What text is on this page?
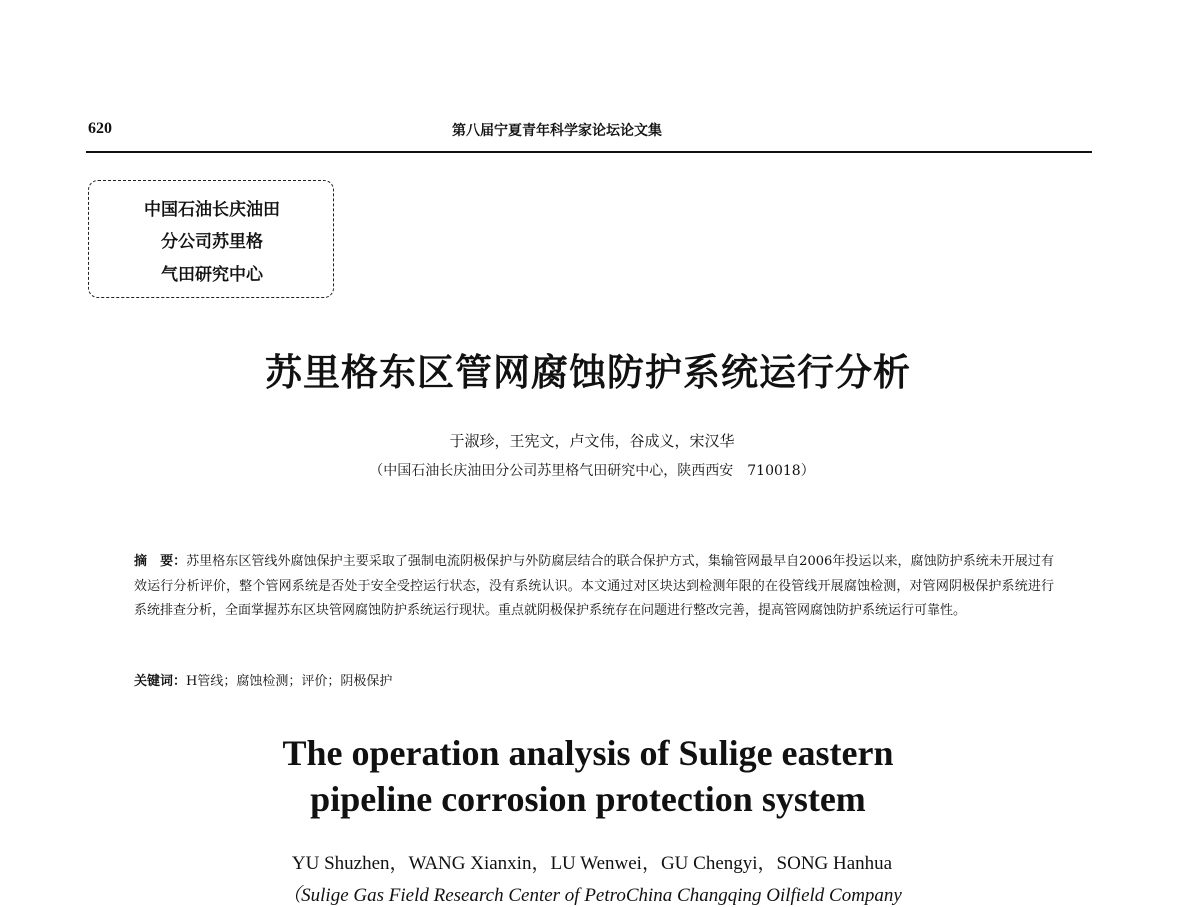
620	第八届宁夏青年科学家论坛论文集
中国石油长庆油田
分公司苏里格
气田研究中心
苏里格东区管网腐蚀防护系统运行分析
于淑珍，王宪文，卢文伟，谷成义，宋汉华
（中国石油长庆油田分公司苏里格气田研究中心，陕西西安　710018）
摘　要：苏里格东区管线外腐蚀保护主要采取了强制电流阴极保护与外防腐层结合的联合保护方式，集输管网最早自2006年投运以来，腐蚀防护系统未开展过有效运行分析评价，整个管网系统是否处于安全受控运行状态，没有系统认识。本文通过对区块达到检测年限的在役管线开展腐蚀检测，对管网阴极保护系统进行系统排查分析，全面掌握苏东区块管网腐蚀防护系统运行现状。重点就阴极保护系统存在问题进行整改完善，提高管网腐蚀防护系统运行可靠性。
关键词：H管线；腐蚀检测；评价；阴极保护
The operation analysis of Sulige eastern
pipeline corrosion protection system
YU Shuzhen，WANG Xianxin，LU Wenwei，GU Chengyi，SONG Hanhua
（Sulige Gas Field Research Center of PetroChina Changqing Oilfield Company
